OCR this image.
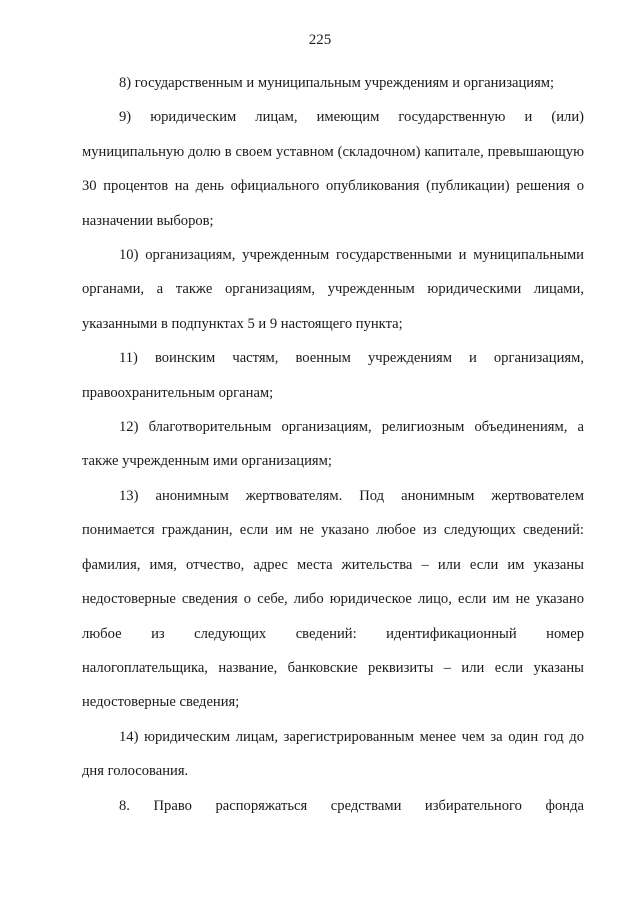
225

8) государственным и муниципальным учреждениям и организациям;

9) юридическим лицам, имеющим государственную и (или) муниципальную долю в своем уставном (складочном) капитале, превышающую 30 процентов на день официального опубликования (публикации) решения о назначении выборов;

10) организациям, учрежденным государственными и муниципальными органами, а также организациям, учрежденным юридическими лицами, указанными в подпунктах 5 и 9 настоящего пункта;

11) воинским частям, военным учреждениям и организациям, правоохранительным органам;

12) благотворительным организациям, религиозным объединениям, а также учрежденным ими организациям;

13) анонимным жертвователям. Под анонимным жертвователем понимается гражданин, если им не указано любое из следующих сведений: фамилия, имя, отчество, адрес места жительства – или если им указаны недостоверные сведения о себе, либо юридическое лицо, если им не указано любое из следующих сведений: идентификационный номер налогоплательщика, название, банковские реквизиты – или если указаны недостоверные сведения;

14) юридическим лицам, зарегистрированным менее чем за один год до дня голосования.

8. Право распоряжаться средствами избирательного фонда
